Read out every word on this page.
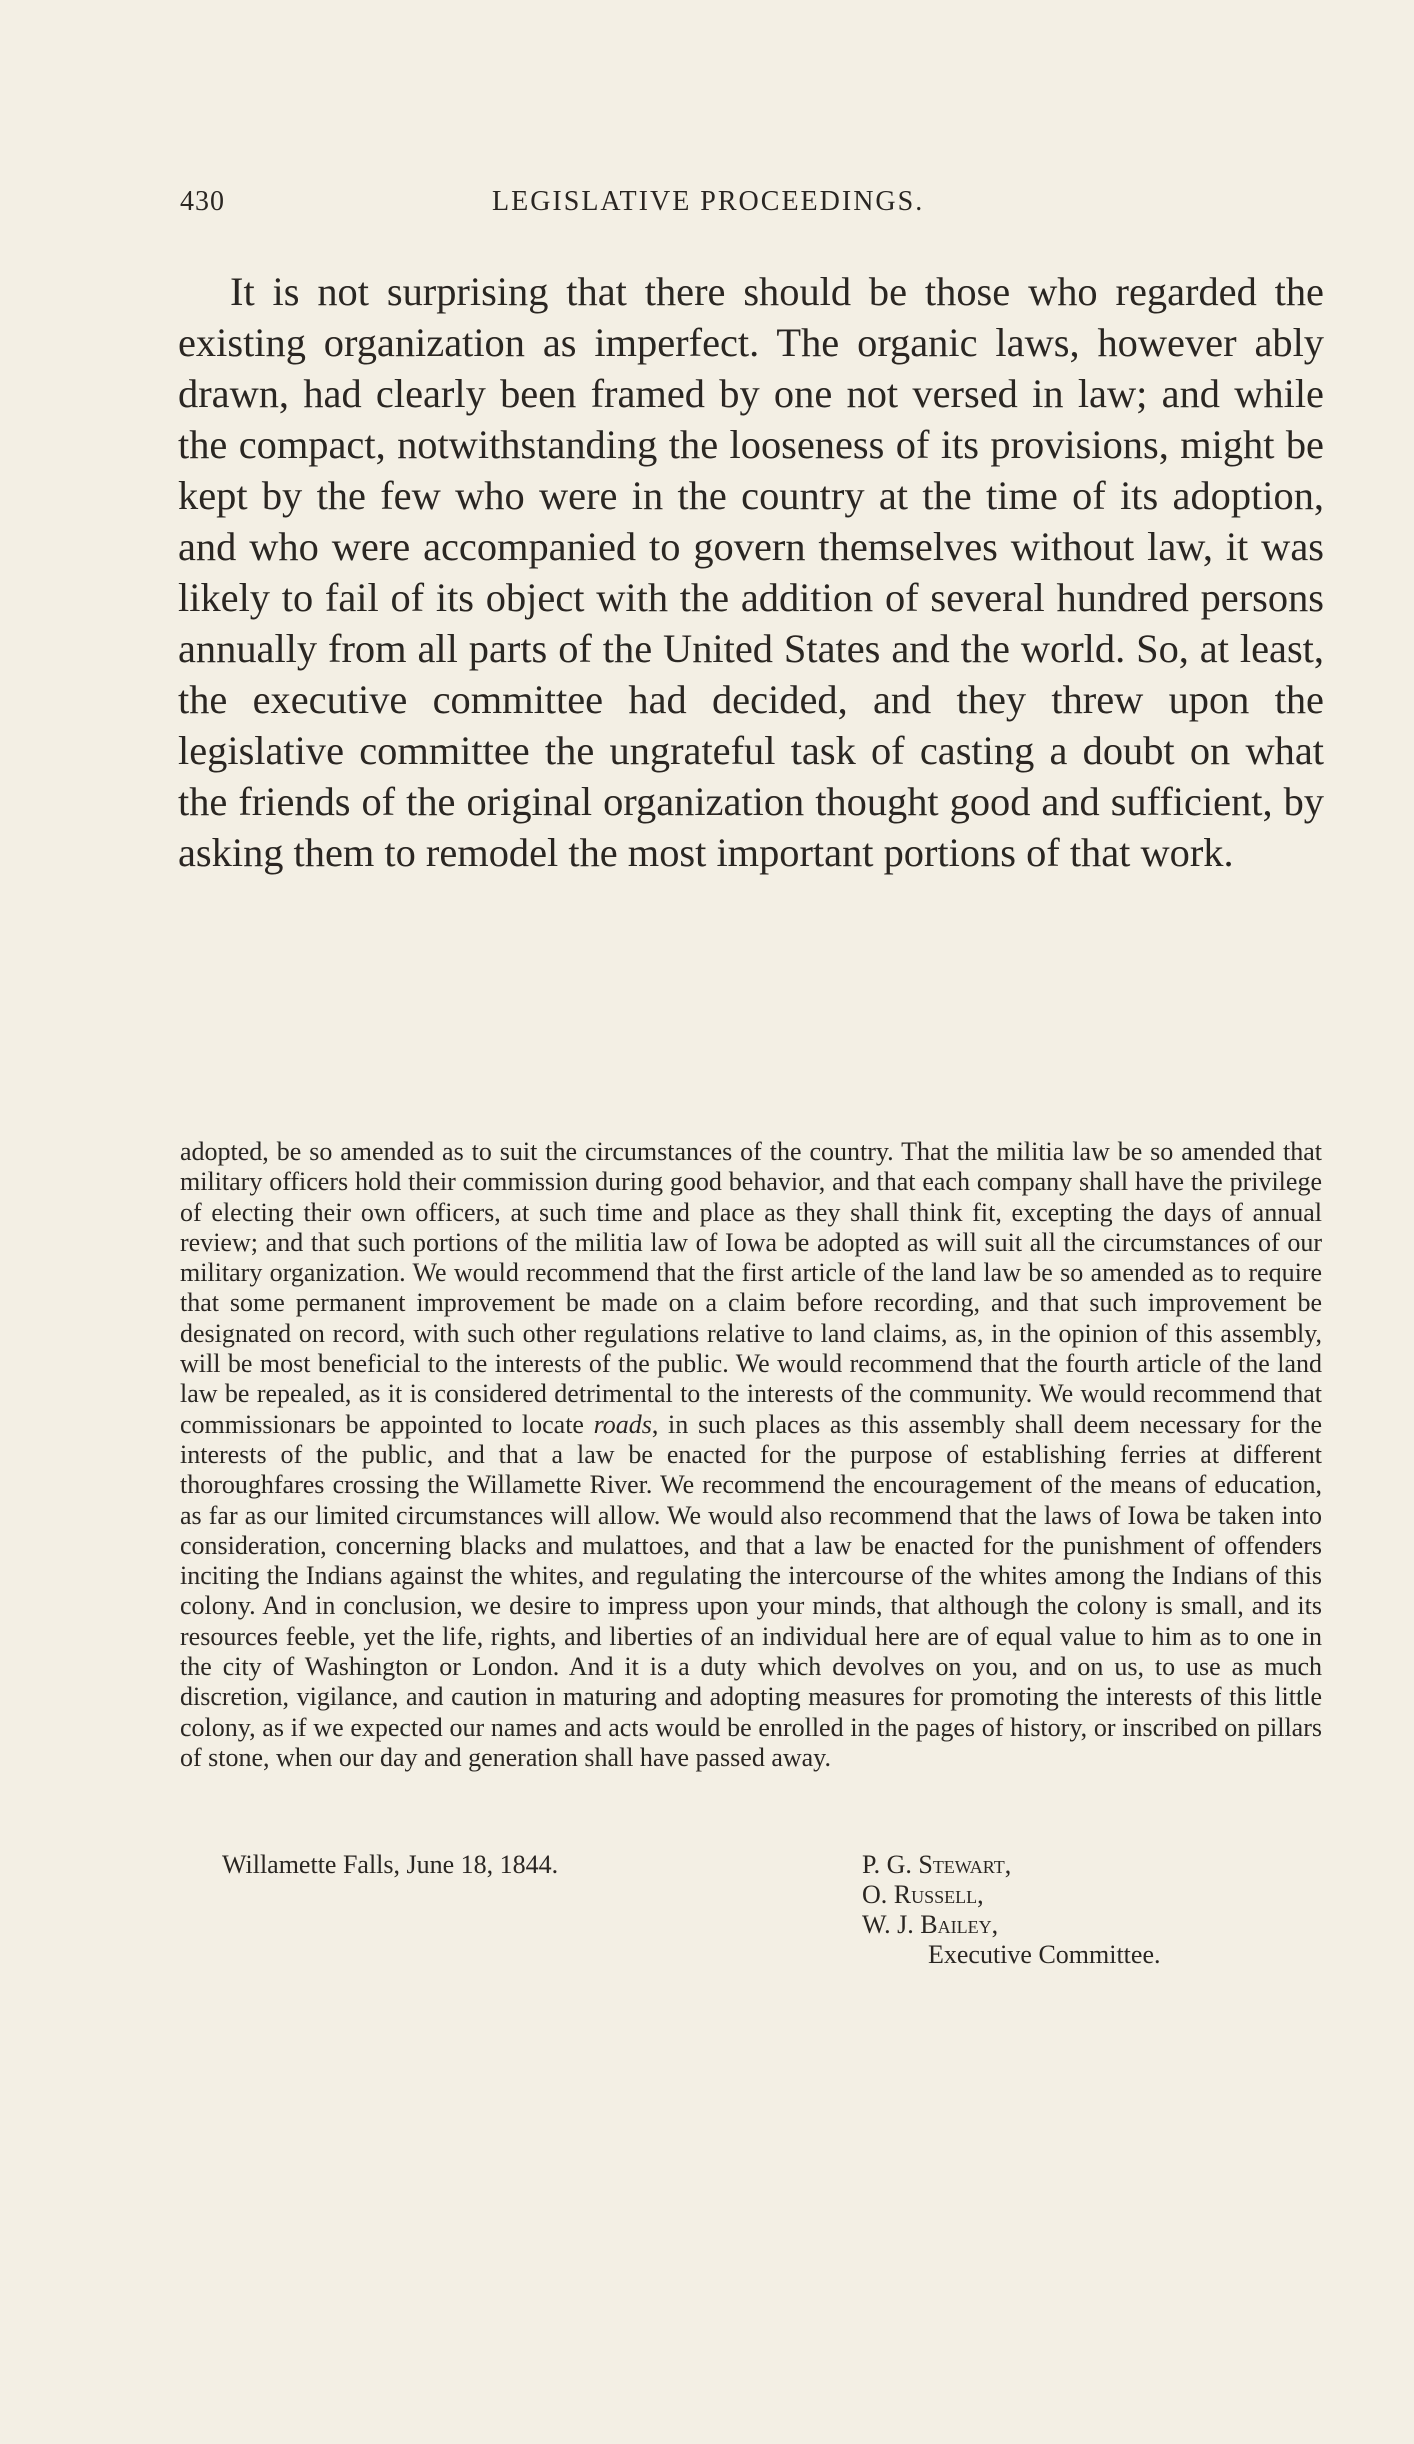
430	LEGISLATIVE PROCEEDINGS.

It is not surprising that there should be those who regarded the existing organization as imperfect. The organic laws, however ably drawn, had clearly been framed by one not versed in law; and while the compact, notwithstanding the looseness of its provisions, might be kept by the few who were in the country at the time of its adoption, and who were accompanied to govern themselves without law, it was likely to fail of its object with the addition of several hundred persons annually from all parts of the United States and the world. So, at least, the executive committee had decided, and they threw upon the legislative committee the ungrateful task of casting a doubt on what the friends of the original organization thought good and sufficient, by asking them to remodel the most important portions of that work.

adopted, be so amended as to suit the circumstances of the country. That the militia law be so amended that military officers hold their commission during good behavior, and that each company shall have the privilege of electing their own officers, at such time and place as they shall think fit, excepting the days of annual review; and that such portions of the militia law of Iowa be adopted as will suit all the circumstances of our military organization. We would recommend that the first article of the land law be so amended as to require that some permanent improvement be made on a claim before recording, and that such improvement be designated on record, with such other regulations relative to land claims, as, in the opinion of this assembly, will be most beneficial to the interests of the public. We would recommend that the fourth article of the land law be repealed, as it is considered detrimental to the interests of the community. We would recommend that commissionars be appointed to locate roads, in such places as this assembly shall deem necessary for the interests of the public, and that a law be enacted for the purpose of establishing ferries at different thoroughfares crossing the Willamette River. We recommend the encouragement of the means of education, as far as our limited circumstances will allow. We would also recommend that the laws of Iowa be taken into consideration, concerning blacks and mulattoes, and that a law be enacted for the punishment of offenders inciting the Indians against the whites, and regulating the intercourse of the whites among the Indians of this colony. And in conclusion, we desire to impress upon your minds, that although the colony is small, and its resources feeble, yet the life, rights, and liberties of an individual here are of equal value to him as to one in the city of Washington or London. And it is a duty which devolves on you, and on us, to use as much discretion, vigilance, and caution in maturing and adopting measures for promoting the interests of this little colony, as if we expected our names and acts would be enrolled in the pages of history, or inscribed on pillars of stone, when our day and generation shall have passed away.

Willamette Falls, June 18, 1844.	P. G. Stewart,
O. Russell,
W. J. Bailey,
Executive Committee.
